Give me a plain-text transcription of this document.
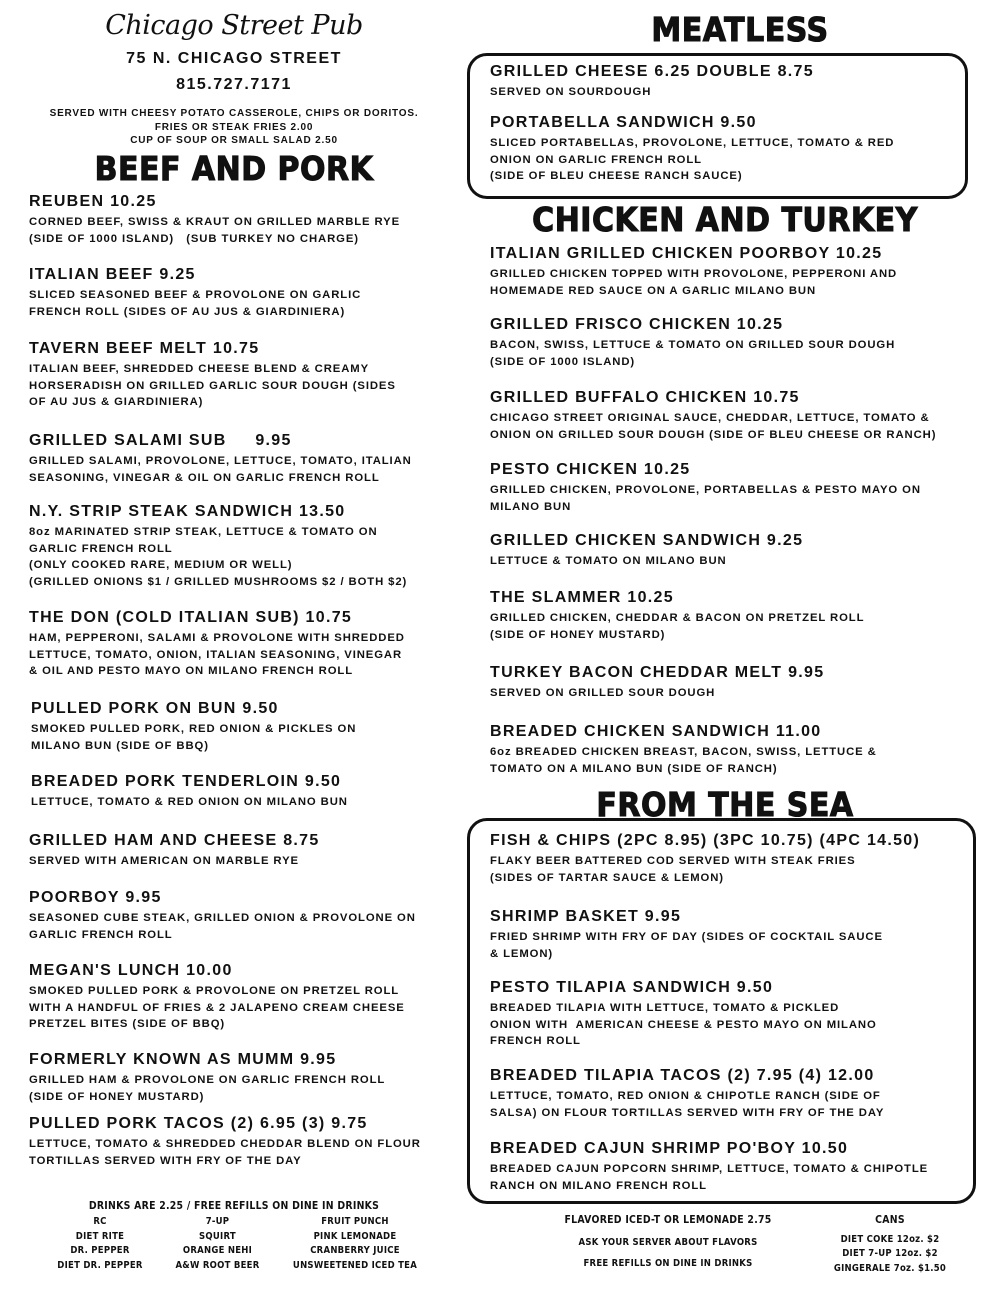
Chicago Street Pub
75 N. CHICAGO STREET
815.727.7171
SERVED WITH CHEESY POTATO CASSEROLE, CHIPS OR DORITOS.
FRIES OR STEAK FRIES 2.00
CUP OF SOUP OR SMALL SALAD 2.50
BEEF AND PORK
REUBEN 10.25
CORNED BEEF, SWISS & KRAUT ON GRILLED MARBLE RYE
(SIDE OF 1000 ISLAND)   (SUB TURKEY NO CHARGE)
ITALIAN BEEF 9.25
SLICED SEASONED BEEF & PROVOLONE ON GARLIC
FRENCH ROLL (SIDES OF AU JUS & GIARDINIERA)
TAVERN BEEF MELT 10.75
ITALIAN BEEF, SHREDDED CHEESE BLEND & CREAMY
HORSERADISH ON GRILLED GARLIC SOUR DOUGH (SIDES
OF AU JUS & GIARDINIERA)
GRILLED SALAMI SUB     9.95
GRILLED SALAMI, PROVOLONE, LETTUCE, TOMATO, ITALIAN
SEASONING, VINEGAR & OIL ON GARLIC FRENCH ROLL
N.Y. STRIP STEAK SANDWICH 13.50
8oz MARINATED STRIP STEAK, LETTUCE & TOMATO ON
GARLIC FRENCH ROLL
(ONLY COOKED RARE, MEDIUM OR WELL)
(GRILLED ONIONS $1 / GRILLED MUSHROOMS $2 / BOTH $2)
THE DON (COLD ITALIAN SUB) 10.75
HAM, PEPPERONI, SALAMI & PROVOLONE WITH SHREDDED
LETTUCE, TOMATO, ONION, ITALIAN SEASONING, VINEGAR
& OIL AND PESTO MAYO ON MILANO FRENCH ROLL
PULLED PORK ON BUN 9.50
SMOKED PULLED PORK, RED ONION & PICKLES ON
MILANO BUN (SIDE OF BBQ)
BREADED PORK TENDERLOIN 9.50
LETTUCE, TOMATO & RED ONION ON MILANO BUN
GRILLED HAM AND CHEESE 8.75
SERVED WITH AMERICAN ON MARBLE RYE
POORBOY 9.95
SEASONED CUBE STEAK, GRILLED ONION & PROVOLONE ON
GARLIC FRENCH ROLL
MEGAN'S LUNCH 10.00
SMOKED PULLED PORK & PROVOLONE ON PRETZEL ROLL
WITH A HANDFUL OF FRIES & 2 JALAPENO CREAM CHEESE
PRETZEL BITES (SIDE OF BBQ)
FORMERLY KNOWN AS MUMM 9.95
GRILLED HAM & PROVOLONE ON GARLIC FRENCH ROLL
(SIDE OF HONEY MUSTARD)
PULLED PORK TACOS (2) 6.95 (3) 9.75
LETTUCE, TOMATO & SHREDDED CHEDDAR BLEND ON FLOUR
TORTILLAS SERVED WITH FRY OF THE DAY
MEATLESS
GRILLED CHEESE 6.25 DOUBLE 8.75
SERVED ON SOURDOUGH
PORTABELLA SANDWICH 9.50
SLICED PORTABELLAS, PROVOLONE, LETTUCE, TOMATO & RED
ONION ON GARLIC FRENCH ROLL
(SIDE OF BLEU CHEESE RANCH SAUCE)
CHICKEN AND TURKEY
ITALIAN GRILLED CHICKEN POORBOY 10.25
GRILLED CHICKEN TOPPED WITH PROVOLONE, PEPPERONI AND
HOMEMADE RED SAUCE ON A GARLIC MILANO BUN
GRILLED FRISCO CHICKEN 10.25
BACON, SWISS, LETTUCE & TOMATO ON GRILLED SOUR DOUGH
(SIDE OF 1000 ISLAND)
GRILLED BUFFALO CHICKEN 10.75
CHICAGO STREET ORIGINAL SAUCE, CHEDDAR, LETTUCE, TOMATO &
ONION ON GRILLED SOUR DOUGH (SIDE OF BLEU CHEESE OR RANCH)
PESTO CHICKEN 10.25
GRILLED CHICKEN, PROVOLONE, PORTABELLAS & PESTO MAYO ON
MILANO BUN
GRILLED CHICKEN SANDWICH 9.25
LETTUCE & TOMATO ON MILANO BUN
THE SLAMMER 10.25
GRILLED CHICKEN, CHEDDAR & BACON ON PRETZEL ROLL
(SIDE OF HONEY MUSTARD)
TURKEY BACON CHEDDAR MELT 9.95
SERVED ON GRILLED SOUR DOUGH
BREADED CHICKEN SANDWICH 11.00
6oz BREADED CHICKEN BREAST, BACON, SWISS, LETTUCE &
TOMATO ON A MILANO BUN (SIDE OF RANCH)
FROM THE SEA
FISH & CHIPS (2PC 8.95) (3PC 10.75) (4PC 14.50)
FLAKY BEER BATTERED COD SERVED WITH STEAK FRIES
(SIDES OF TARTAR SAUCE & LEMON)
SHRIMP BASKET 9.95
FRIED SHRIMP WITH FRY OF DAY (SIDES OF COCKTAIL SAUCE
& LEMON)
PESTO TILAPIA SANDWICH 9.50
BREADED TILAPIA WITH LETTUCE, TOMATO & PICKLED
ONION WITH  AMERICAN CHEESE & PESTO MAYO ON MILANO
FRENCH ROLL
BREADED TILAPIA TACOS (2) 7.95 (4) 12.00
LETTUCE, TOMATO, RED ONION & CHIPOTLE RANCH (SIDE OF
SALSA) ON FLOUR TORTILLAS SERVED WITH FRY OF THE DAY
BREADED CAJUN SHRIMP PO'BOY 10.50
BREADED CAJUN POPCORN SHRIMP, LETTUCE, TOMATO & CHIPOTLE
RANCH ON MILANO FRENCH ROLL
DRINKS ARE 2.25 / FREE REFILLS ON DINE IN DRINKS
RC
DIET RITE
DR. PEPPER
DIET DR. PEPPER
7-UP
SQUIRT
ORANGE NEHI
A&W ROOT BEER
FRUIT PUNCH
PINK LEMONADE
CRANBERRY JUICE
UNSWEETENED ICED TEA
FLAVORED ICED-T OR LEMONADE 2.75
ASK YOUR SERVER ABOUT FLAVORS
FREE REFILLS ON DINE IN DRINKS
CANS
DIET COKE 12oz. $2
DIET 7-UP 12oz. $2
GINGERALE 7oz. $1.50
